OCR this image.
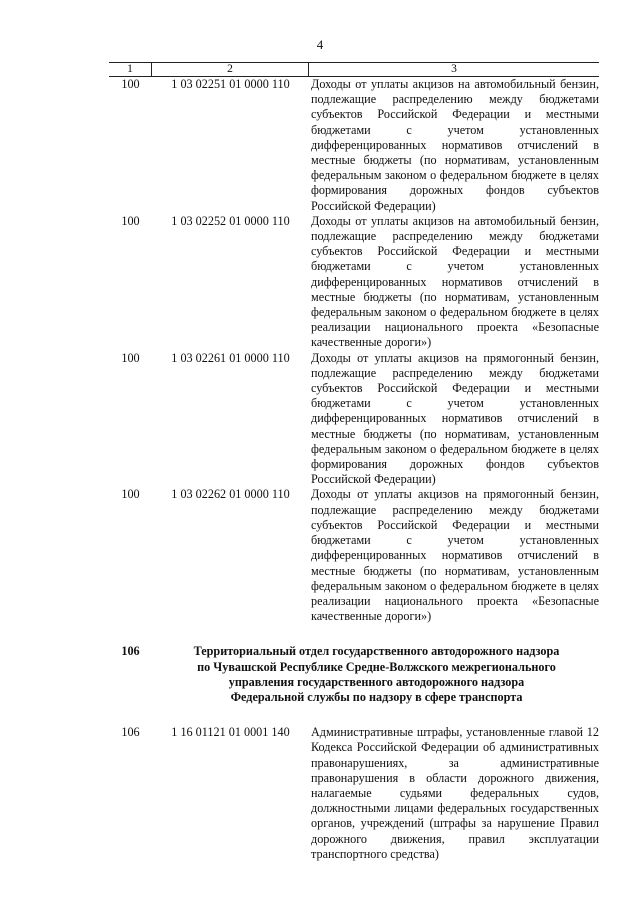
4
1	2	3
100	1 03 02251 01 0000 110	Доходы от уплаты акцизов на автомобильный бензин, подлежащие распределению между бюджетами субъектов Российской Федерации и местными бюджетами с учетом установленных дифференцированных нормативов отчислений в местные бюджеты (по нормативам, установленным федеральным законом о федеральном бюджете в целях формирования дорожных фондов субъектов Российской Федерации)
100	1 03 02252 01 0000 110	Доходы от уплаты акцизов на автомобильный бензин, подлежащие распределению между бюджетами субъектов Российской Федерации и местными бюджетами с учетом установленных дифференцированных нормативов отчислений в местные бюджеты (по нормативам, установленным федеральным законом о федеральном бюджете в целях реализации национального проекта «Безопасные качественные дороги»)
100	1 03 02261 01 0000 110	Доходы от уплаты акцизов на прямогонный бензин, подлежащие распределению между бюджетами субъектов Российской Федерации и местными бюджетами с учетом установленных дифференцированных нормативов отчислений в местные бюджеты (по нормативам, установленным федеральным законом о федеральном бюджете в целях формирования дорожных фондов субъектов Российской Федерации)
100	1 03 02262 01 0000 110	Доходы от уплаты акцизов на прямогонный бензин, подлежащие распределению между бюджетами субъектов Российской Федерации и местными бюджетами с учетом установленных дифференцированных нормативов отчислений в местные бюджеты (по нормативам, установленным федеральным законом о федеральном бюджете в целях реализации национального проекта «Безопасные качественные дороги»)
106	Территориальный отдел государственного автодорожного надзора
по Чувашской Республике Средне-Волжского межрегионального
управления государственного автодорожного надзора
Федеральной службы по надзору в сфере транспорта
106	1 16 01121 01 0001 140	Административные штрафы, установленные главой 12 Кодекса Российской Федерации об административных правонарушениях, за административные правонарушения в области дорожного движения, налагаемые судьями федеральных судов, должностными лицами федеральных государственных органов, учреждений (штрафы за нарушение Правил дорожного движения, правил эксплуатации транспортного средства)
